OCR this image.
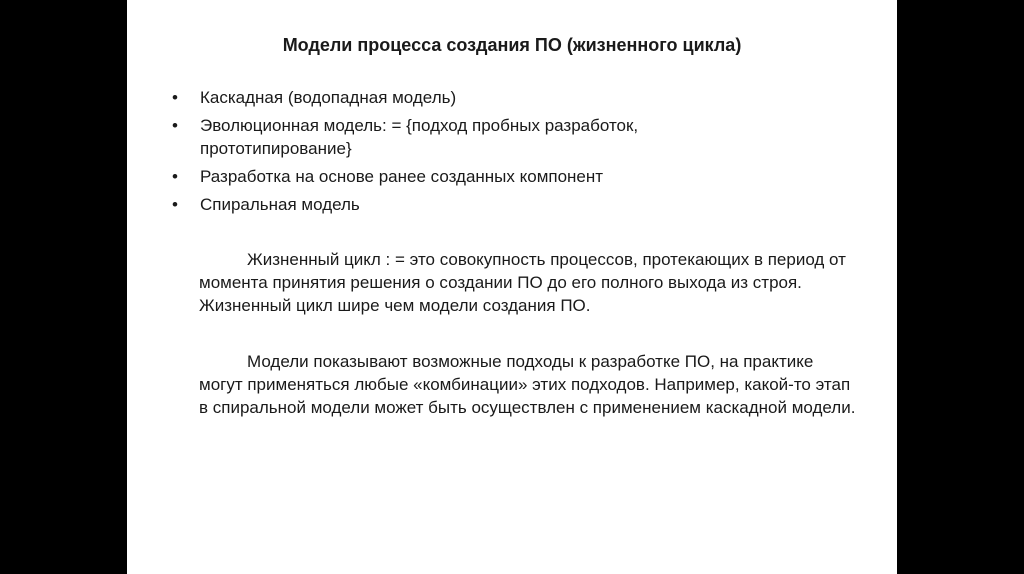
Модели процесса создания ПО (жизненного цикла)
• Каскадная (водопадная модель)
• Эволюционная модель: = {подход пробных разработок, прототипирование}
• Разработка на основе ранее созданных компонент
• Спиральная модель

Жизненный цикл : = это совокупность процессов, протекающих в период от момента принятия решения о создании ПО до его полного выхода из строя. Жизненный цикл шире чем модели создания ПО.

Модели показывают возможные подходы к разработке ПО, на практике могут применяться любые «комбинации» этих подходов. Например, какой-то этап в спиральной модели может быть осуществлен с применением каскадной модели.
